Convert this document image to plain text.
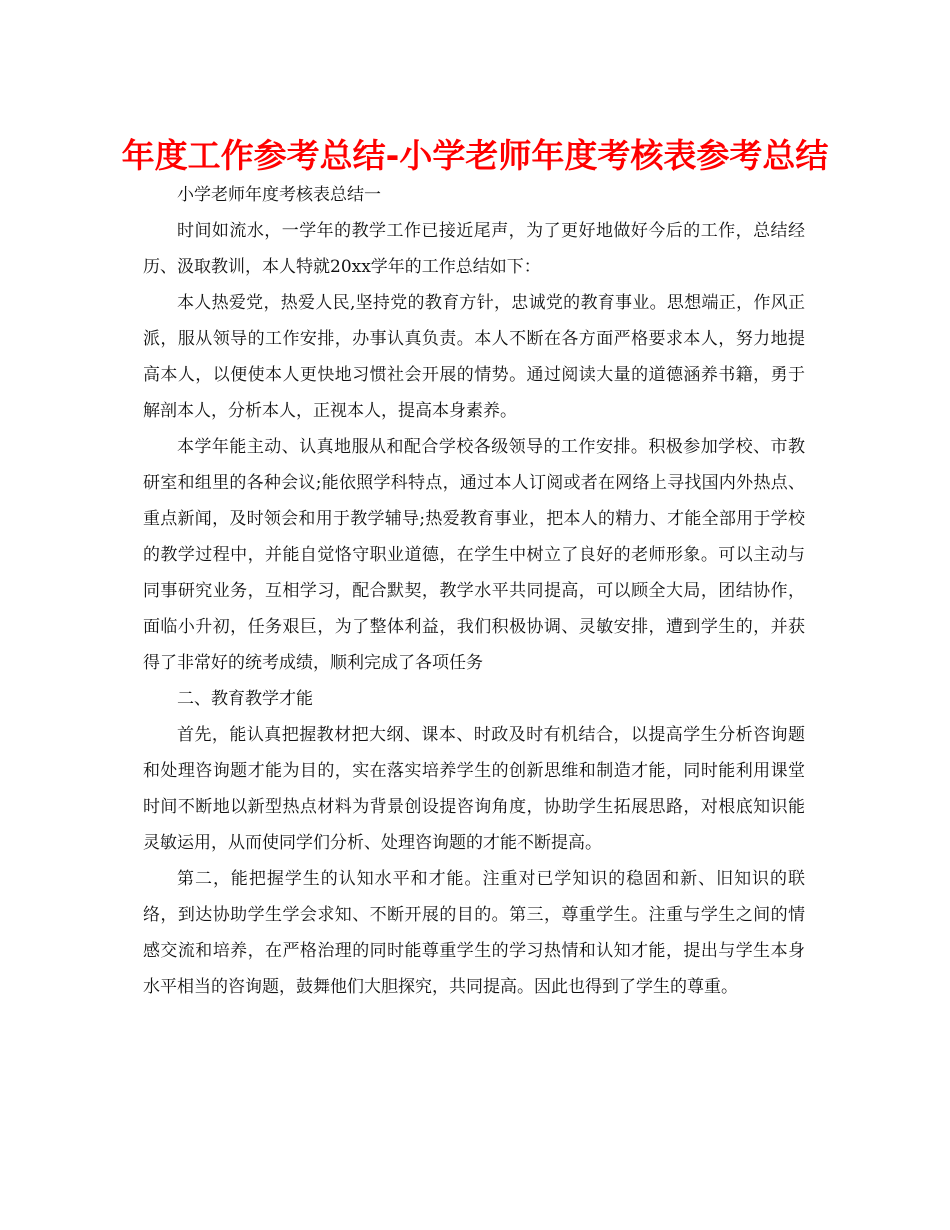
年度工作参考总结-小学老师年度考核表参考总结

小学老师年度考核表总结一

时间如流水，一学年的教学工作已接近尾声，为了更好地做好今后的工作，总结经历、汲取教训，本人特就20xx学年的工作总结如下：

本人热爱党，热爱人民,坚持党的教育方针，忠诚党的教育事业。思想端正，作风正派，服从领导的工作安排，办事认真负责。本人不断在各方面严格要求本人，努力地提高本人，以便使本人更快地习惯社会开展的情势。通过阅读大量的道德涵养书籍，勇于解剖本人，分析本人，正视本人，提高本身素养。

本学年能主动、认真地服从和配合学校各级领导的工作安排。积极参加学校、市教研室和组里的各种会议;能依照学科特点，通过本人订阅或者在网络上寻找国内外热点、重点新闻，及时领会和用于教学辅导;热爱教育事业，把本人的精力、才能全部用于学校的教学过程中，并能自觉恪守职业道德，在学生中树立了良好的老师形象。可以主动与同事研究业务，互相学习，配合默契，教学水平共同提高，可以顾全大局，团结协作，面临小升初，任务艰巨，为了整体利益，我们积极协调、灵敏安排，遭到学生的，并获得了非常好的统考成绩，顺利完成了各项任务

二、教育教学才能

首先，能认真把握教材把大纲、课本、时政及时有机结合，以提高学生分析咨询题和处理咨询题才能为目的，实在落实培养学生的创新思维和制造才能，同时能利用课堂时间不断地以新型热点材料为背景创设提咨询角度，协助学生拓展思路，对根底知识能灵敏运用，从而使同学们分析、处理咨询题的才能不断提高。

第二，能把握学生的认知水平和才能。注重对已学知识的稳固和新、旧知识的联络，到达协助学生学会求知、不断开展的目的。第三，尊重学生。注重与学生之间的情感交流和培养，在严格治理的同时能尊重学生的学习热情和认知才能，提出与学生本身水平相当的咨询题，鼓舞他们大胆探究，共同提高。因此也得到了学生的尊重。
